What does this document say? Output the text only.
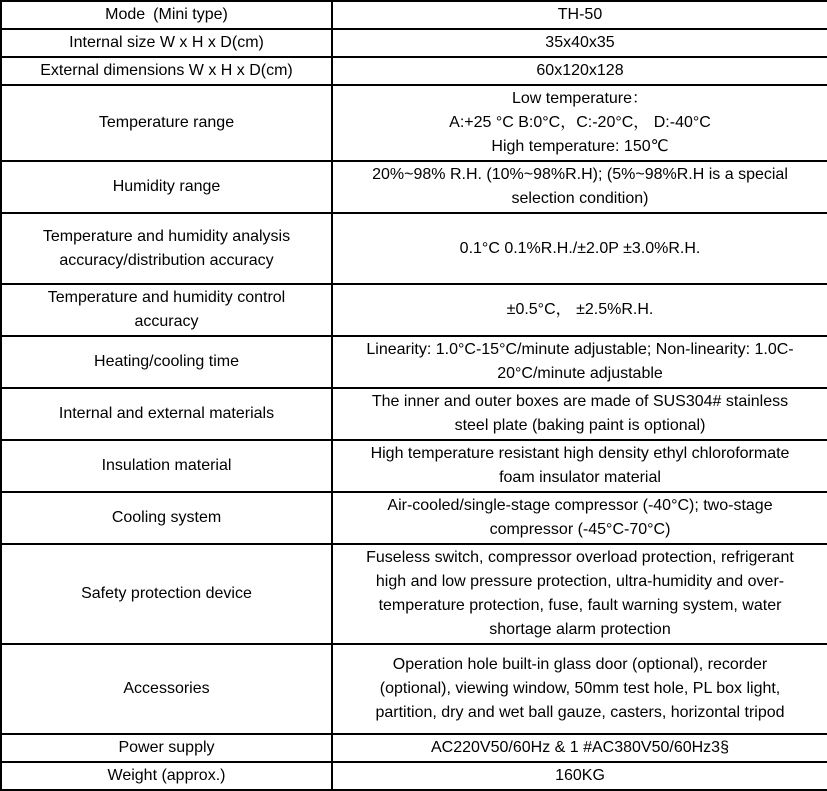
Mode (Mini type)	TH-50
Internal size W x H x D(cm)	35x40x35
External dimensions W x H x D(cm)	60x120x128
Temperature range	Low temperature：
A:+25 °C B:0°C，C:-20°C， D:-40°C
High temperature: 150℃

Humidity range	20%~98% R.H. (10%~98%R.H); (5%~98%R.H is a special selection condition)
Temperature and humidity analysis accuracy/distribution accuracy	0.1°C 0.1%R.H./±2.0P ±3.0%R.H.
Temperature and humidity control accuracy	±0.5°C， ±2.5%R.H.
Heating/cooling time	Linearity: 1.0°C-15°C/minute adjustable; Non-linearity: 1.0C-20°C/minute adjustable
Internal and external materials	The inner and outer boxes are made of SUS304# stainless steel plate (baking paint is optional)
Insulation material	High temperature resistant high density ethyl chloroformate foam insulator material
Cooling system	Air-cooled/single-stage compressor (-40°C); two-stage compressor (-45°C-70°C)
Safety protection device	Fuseless switch, compressor overload protection, refrigerant high and low pressure protection, ultra-humidity and over-temperature protection, fuse, fault warning system, water shortage alarm protection
Accessories	Operation hole built-in glass door (optional), recorder (optional), viewing window, 50mm test hole, PL box light, partition, dry and wet ball gauze, casters, horizontal tripod
Power supply	AC220V50/60Hz & 1 #AC380V50/60Hz3§
Weight (approx.)	160KG
